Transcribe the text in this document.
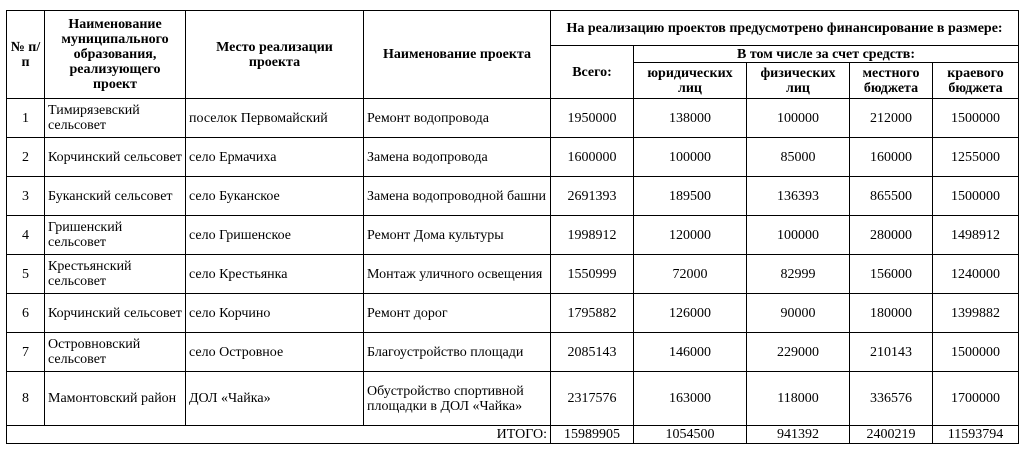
№ п/п	Наименование муниципального образования, реализующего проект	Место реализации проекта	Наименование проекта	На реализацию проектов предусмотрено финансирование в размере:				
				Всего:	В том числе за счет средств:			
					юридических лиц	физических лиц	местного бюджета	краевого бюджета
1	Тимирязевский сельсовет	поселок Первомайский	Ремонт водопровода	1950000	138000	100000	212000	1500000
2	Корчинский сельсовет	село Ермачиха	Замена водопровода	1600000	100000	85000	160000	1255000
3	Буканский сельсовет	село Буканское	Замена водопроводной башни	2691393	189500	136393	865500	1500000
4	Гришенский сельсовет	село Гришенское	Ремонт Дома культуры	1998912	120000	100000	280000	1498912
5	Крестьянский сельсовет	село Крестьянка	Монтаж уличного освещения	1550999	72000	82999	156000	1240000
6	Корчинский сельсовет	село Корчино	Ремонт дорог	1795882	126000	90000	180000	1399882
7	Островновский сельсовет	село Островное	Благоустройство площади	2085143	146000	229000	210143	1500000
8	Мамонтовский район	ДОЛ «Чайка»	Обустройство спортивной площадки в ДОЛ «Чайка»	2317576	163000	118000	336576	1700000
ИТОГО:				15989905	1054500	941392	2400219	11593794
